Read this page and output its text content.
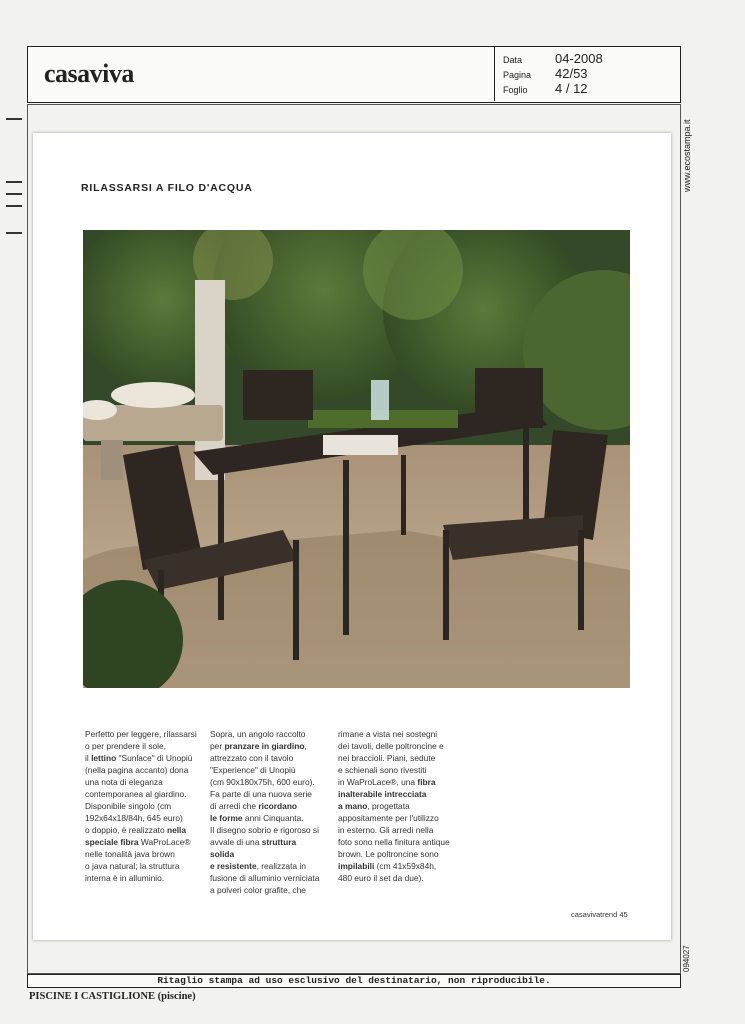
casaviva	Data	04-2008
Pagina	42/53
Foglio	4 / 12
www.ecostampa.it
094027
RILASSARSI A FILO D'ACQUA
Perfetto per leggere, rilassarsi
o per prendere il sole,
il lettino "Sunlace" di Unopiù
(nella pagina accanto) dona
una nota di eleganza
contemporanea al giardino.
Disponibile singolo (cm
192x64x18/84h, 645 euro)
o doppio, è realizzato nella
speciale fibra WaProLace®
nelle tonalità java brown
o java natural; la struttura
interna è in alluminio.
Sopra, un angolo raccolto
per pranzare in giardino,
attrezzato con il tavolo
"Experience" di Unopiù
(cm 90x180x75h, 600 euro).
Fa parte di una nuova serie
di arredi che ricordano
le forme anni Cinquanta.
Il disegno sobrio e rigoroso si
avvale di una struttura solida
e resistente, realizzata in
fusione di alluminio verniciata
a polveri color grafite, che
rimane a vista nei sostegni
dei tavoli, delle poltroncine e
nei braccioli. Piani, sedute
e schienali sono rivestiti
in WaProLace®, una fibra
inalterabile intrecciata
a mano, progettata
appositamente per l'utilizzo
in esterno. Gli arredi nella
foto sono nella finitura antique
brown. Le poltroncine sono
impilabili (cm 41x59x84h,
480 euro il set da due).
casavivatrend 45
Ritaglio stampa ad uso esclusivo del destinatario, non riproducibile.
PISCINE I CASTIGLIONE (piscine)
